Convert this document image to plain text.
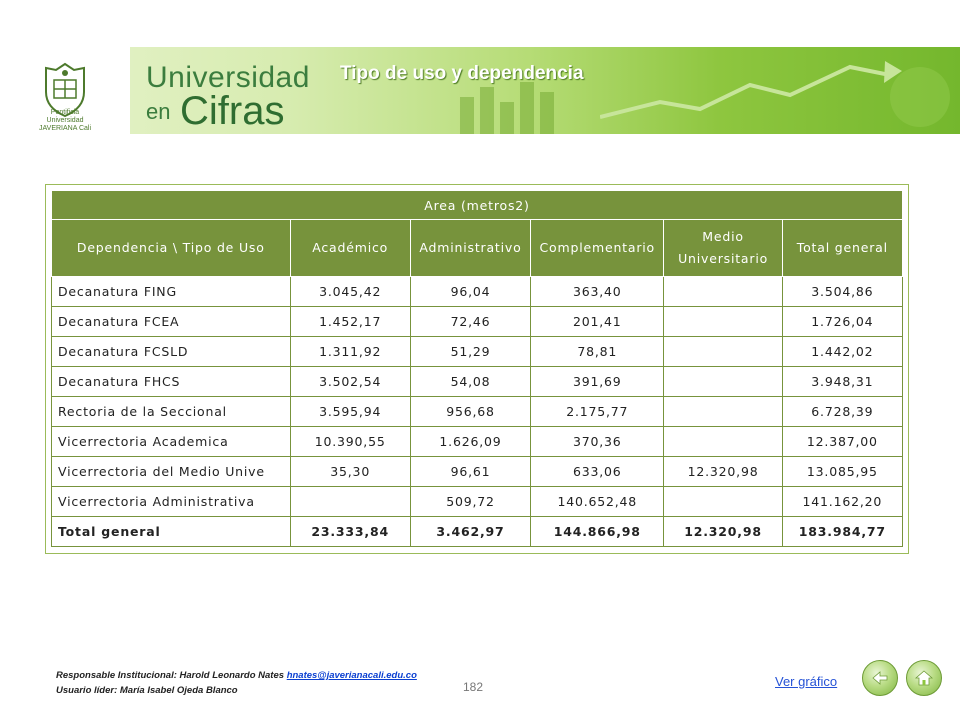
Pontificia Universidad JAVERIANA Cali
Universidad
en Cifras
Tipo de uso y dependencia
Area (metros2)					
Dependencia \ Tipo de Uso	Académico	Administrativo	Complementario	Medio Universitario	Total general
Decanatura FING	3.045,42	96,04	363,40		3.504,86
Decanatura FCEA	1.452,17	72,46	201,41		1.726,04
Decanatura FCSLD	1.311,92	51,29	78,81		1.442,02
Decanatura FHCS	3.502,54	54,08	391,69		3.948,31
Rectoria de la Seccional	3.595,94	956,68	2.175,77		6.728,39
Vicerrectoria Academica	10.390,55	1.626,09	370,36		12.387,00
Vicerrectoria del Medio Unive	35,30	96,61	633,06	12.320,98	13.085,95
Vicerrectoria Administrativa		509,72	140.652,48		141.162,20
Total general	23.333,84	3.462,97	144.866,98	12.320,98	183.984,77
Responsable Institucional: Harold Leonardo Nates hnates@javerianacali.edu.co
Usuario líder: María Isabel Ojeda Blanco	182	Ver gráfico
